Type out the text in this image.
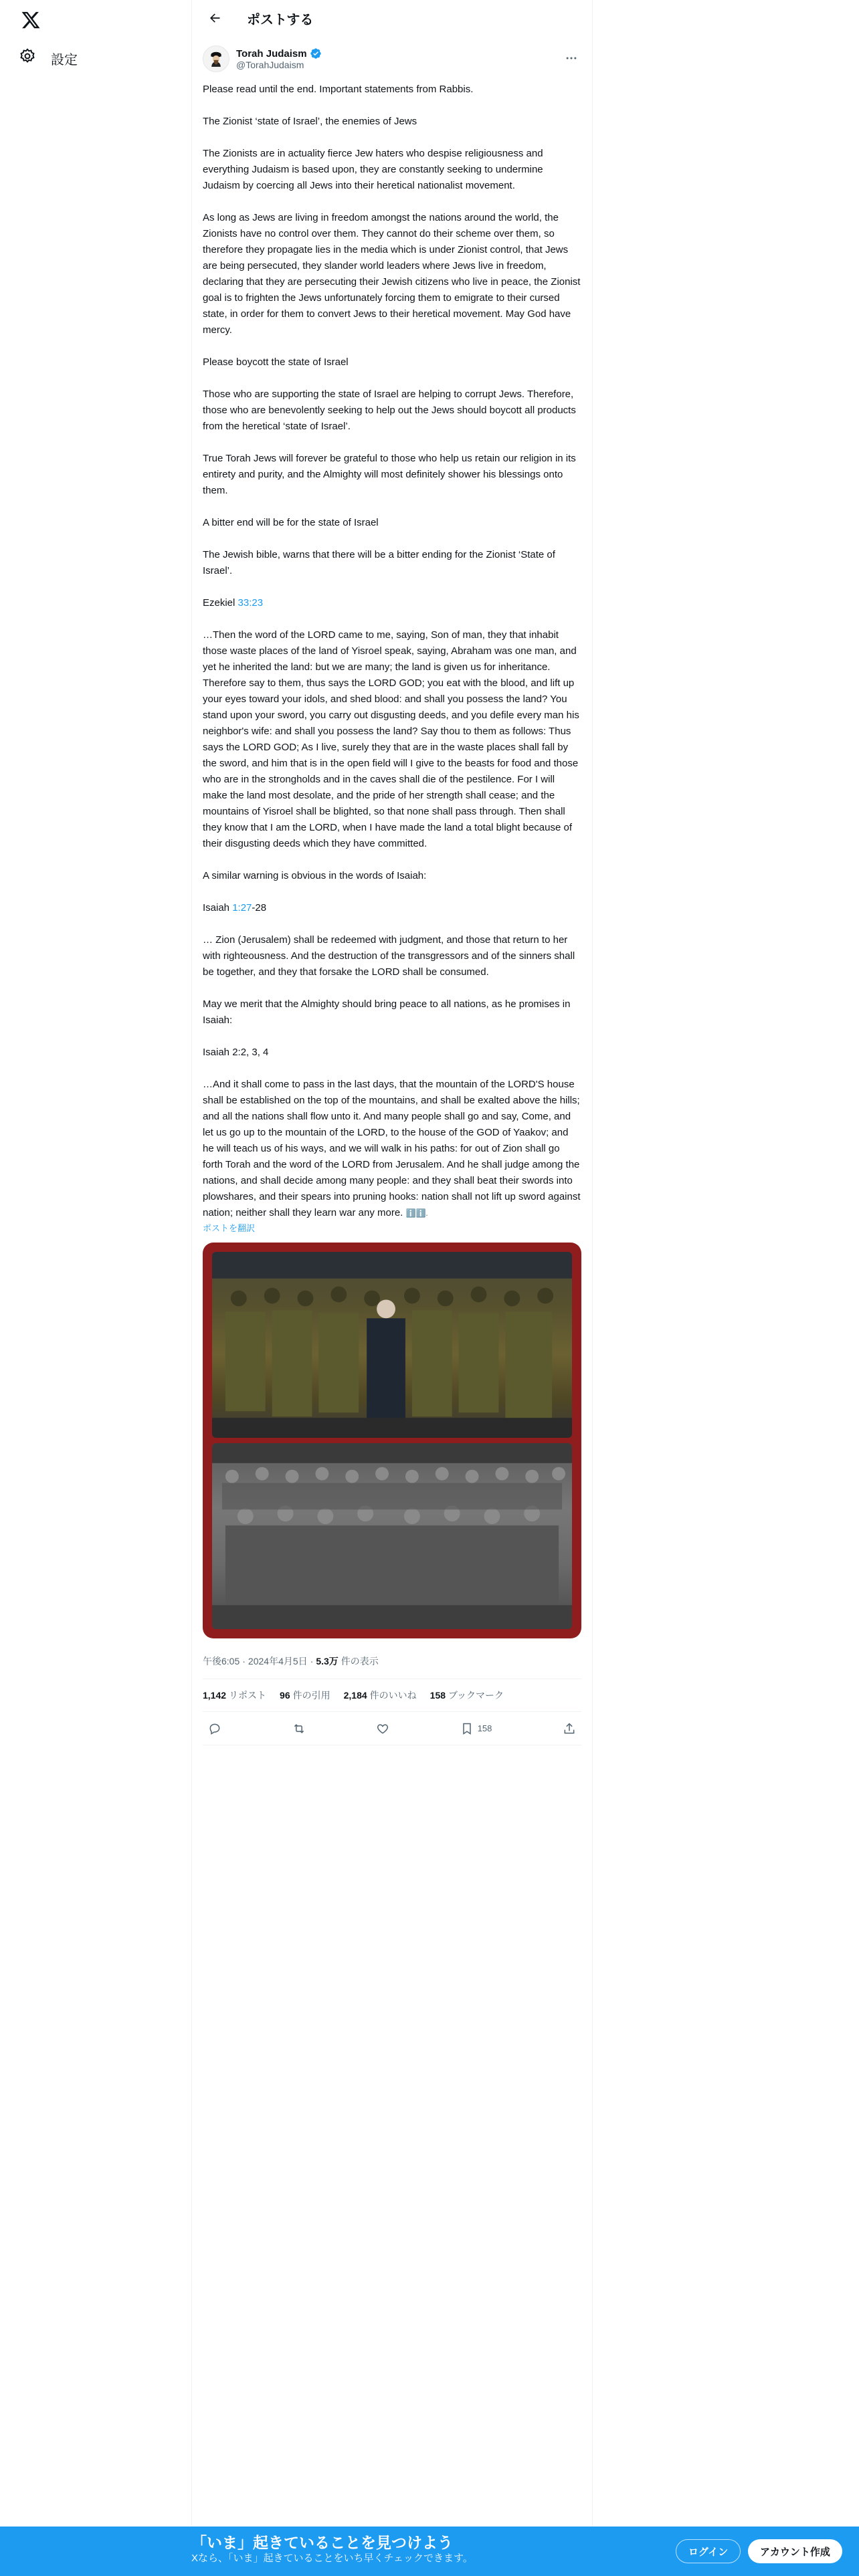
設定
ポストする
Torah Judaism
@TorahJudaism

Please read until the end. Important statements from Rabbis.

The Zionist ‘state of Israel’, the enemies of Jews

The Zionists are in actuality fierce Jew haters who despise religiousness and everything Judaism is based upon, they are constantly seeking to undermine Judaism by coercing all Jews into their heretical nationalist movement.

As long as Jews are living in freedom amongst the nations around the world, the Zionists have no control over them. They cannot do their scheme over them, so therefore they propagate lies in the media which is under Zionist control, that Jews are being persecuted, they slander world leaders where Jews live in freedom, declaring that they are persecuting their Jewish citizens who live in peace, the Zionist goal is to frighten the Jews unfortunately forcing them to emigrate to their cursed state, in order for them to convert Jews to their heretical movement. May God have mercy.

Please boycott the state of Israel

Those who are supporting the state of Israel are helping to corrupt Jews. Therefore, those who are benevolently seeking to help out the Jews should boycott all products from the heretical ‘state of Israel’.

True Torah Jews will forever be grateful to those who help us retain our religion in its entirety and purity, and the Almighty will most definitely shower his blessings onto them.

A bitter end will be for the state of Israel

The Jewish bible, warns that there will be a bitter ending for the Zionist ‘State of Israel’.

Ezekiel 33:23

…Then the word of the LORD came to me, saying, Son of man, they that inhabit those waste places of the land of Yisroel speak, saying, Abraham was one man, and yet he inherited the land: but we are many; the land is given us for inheritance. Therefore say to them, thus says the LORD GOD; you eat with the blood, and lift up your eyes toward your idols, and shed blood: and shall you possess the land? You stand upon your sword, you carry out disgusting deeds, and you defile every man his neighbor's wife: and shall you possess the land? Say thou to them as follows: Thus says the LORD GOD; As I live, surely they that are in the waste places shall fall by the sword, and him that is in the open field will I give to the beasts for food and those who are in the strongholds and in the caves shall die of the pestilence. For I will make the land most desolate, and the pride of her strength shall cease; and the mountains of Yisroel shall be blighted, so that none shall pass through. Then shall they know that I am the LORD, when I have made the land a total blight because of their disgusting deeds which they have committed.

A similar warning is obvious in the words of Isaiah:

Isaiah 1:27-28

… Zion (Jerusalem) shall be redeemed with judgment, and those that return to her with righteousness. And the destruction of the transgressors and of the sinners shall be together, and they that forsake the LORD shall be consumed.

May we merit that the Almighty should bring peace to all nations, as he promises in Isaiah:

Isaiah 2:2, 3, 4

…And it shall come to pass in the last days, that the mountain of the LORD'S house shall be established on the top of the mountains, and shall be exalted above the hills; and all the nations shall flow unto it. And many people shall go and say, Come, and let us go up to the mountain of the LORD, to the house of the GOD of Yaakov; and he will teach us of his ways, and we will walk in his paths: for out of Zion shall go forth Torah and the word of the LORD from Jerusalem. And he shall judge among the nations, and shall decide among many people: and they shall beat their swords into plowshares, and their spears into pruning hooks: nation shall not lift up sword against nation; neither shall they learn war any more. ℹ️ℹ️.

ポストを翻訳
午後6:05 · 2024年4月5日 · 5.3万 件の表示
1,142 リポスト 96 件の引用 2,184 件のいいね 158 ブックマーク
158
「いま」起きていることを見つけよう
Xなら、「いま」起きていることをいち早くチェックできます。
ログイン	アカウント作成
